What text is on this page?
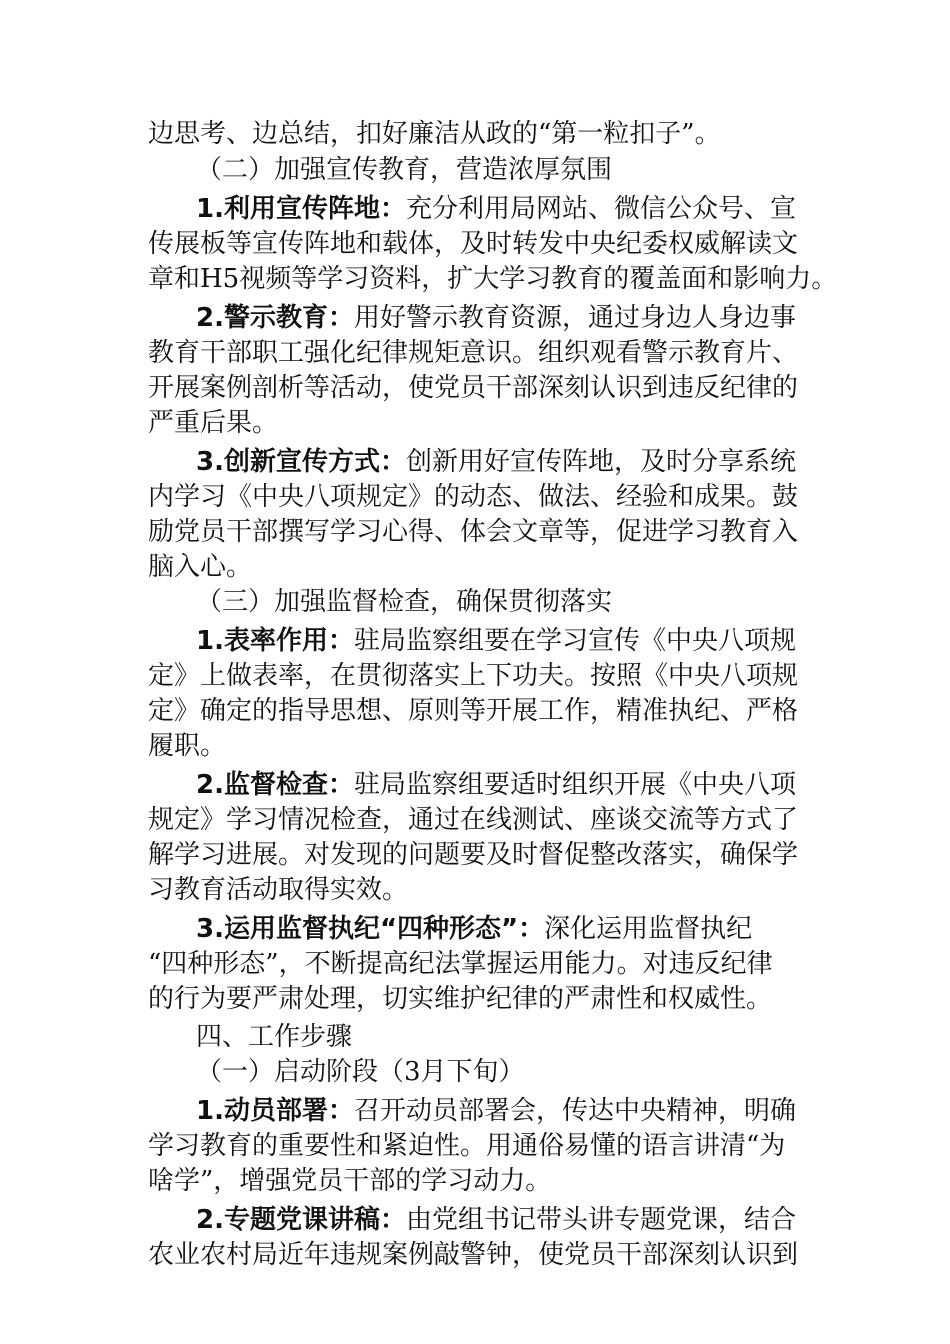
边思考、边总结，扣好廉洁从政的“第一粒扣子”。
（二）加强宣传教育，营造浓厚氛围
1.利用宣传阵地：充分利用局网站、微信公众号、宣
传展板等宣传阵地和载体，及时转发中央纪委权威解读文
章和H5视频等学习资料，扩大学习教育的覆盖面和影响力。
2.警示教育：用好警示教育资源，通过身边人身边事
教育干部职工强化纪律规矩意识。组织观看警示教育片、
开展案例剖析等活动，使党员干部深刻认识到违反纪律的
严重后果。
3.创新宣传方式：创新用好宣传阵地，及时分享系统
内学习《中央八项规定》的动态、做法、经验和成果。鼓
励党员干部撰写学习心得、体会文章等，促进学习教育入
脑入心。
（三）加强监督检查，确保贯彻落实
1.表率作用：驻局监察组要在学习宣传《中央八项规
定》上做表率，在贯彻落实上下功夫。按照《中央八项规
定》确定的指导思想、原则等开展工作，精准执纪、严格
履职。
2.监督检查：驻局监察组要适时组织开展《中央八项
规定》学习情况检查，通过在线测试、座谈交流等方式了
解学习进展。对发现的问题要及时督促整改落实，确保学
习教育活动取得实效。
3.运用监督执纪“四种形态”：深化运用监督执纪
“四种形态”，不断提高纪法掌握运用能力。对违反纪律
的行为要严肃处理，切实维护纪律的严肃性和权威性。
四、工作步骤
（一）启动阶段（3月下旬）
1.动员部署：召开动员部署会，传达中央精神，明确
学习教育的重要性和紧迫性。用通俗易懂的语言讲清“为
啥学”，增强党员干部的学习动力。
2.专题党课讲稿：由党组书记带头讲专题党课，结合
农业农村局近年违规案例敲警钟，使党员干部深刻认识到
